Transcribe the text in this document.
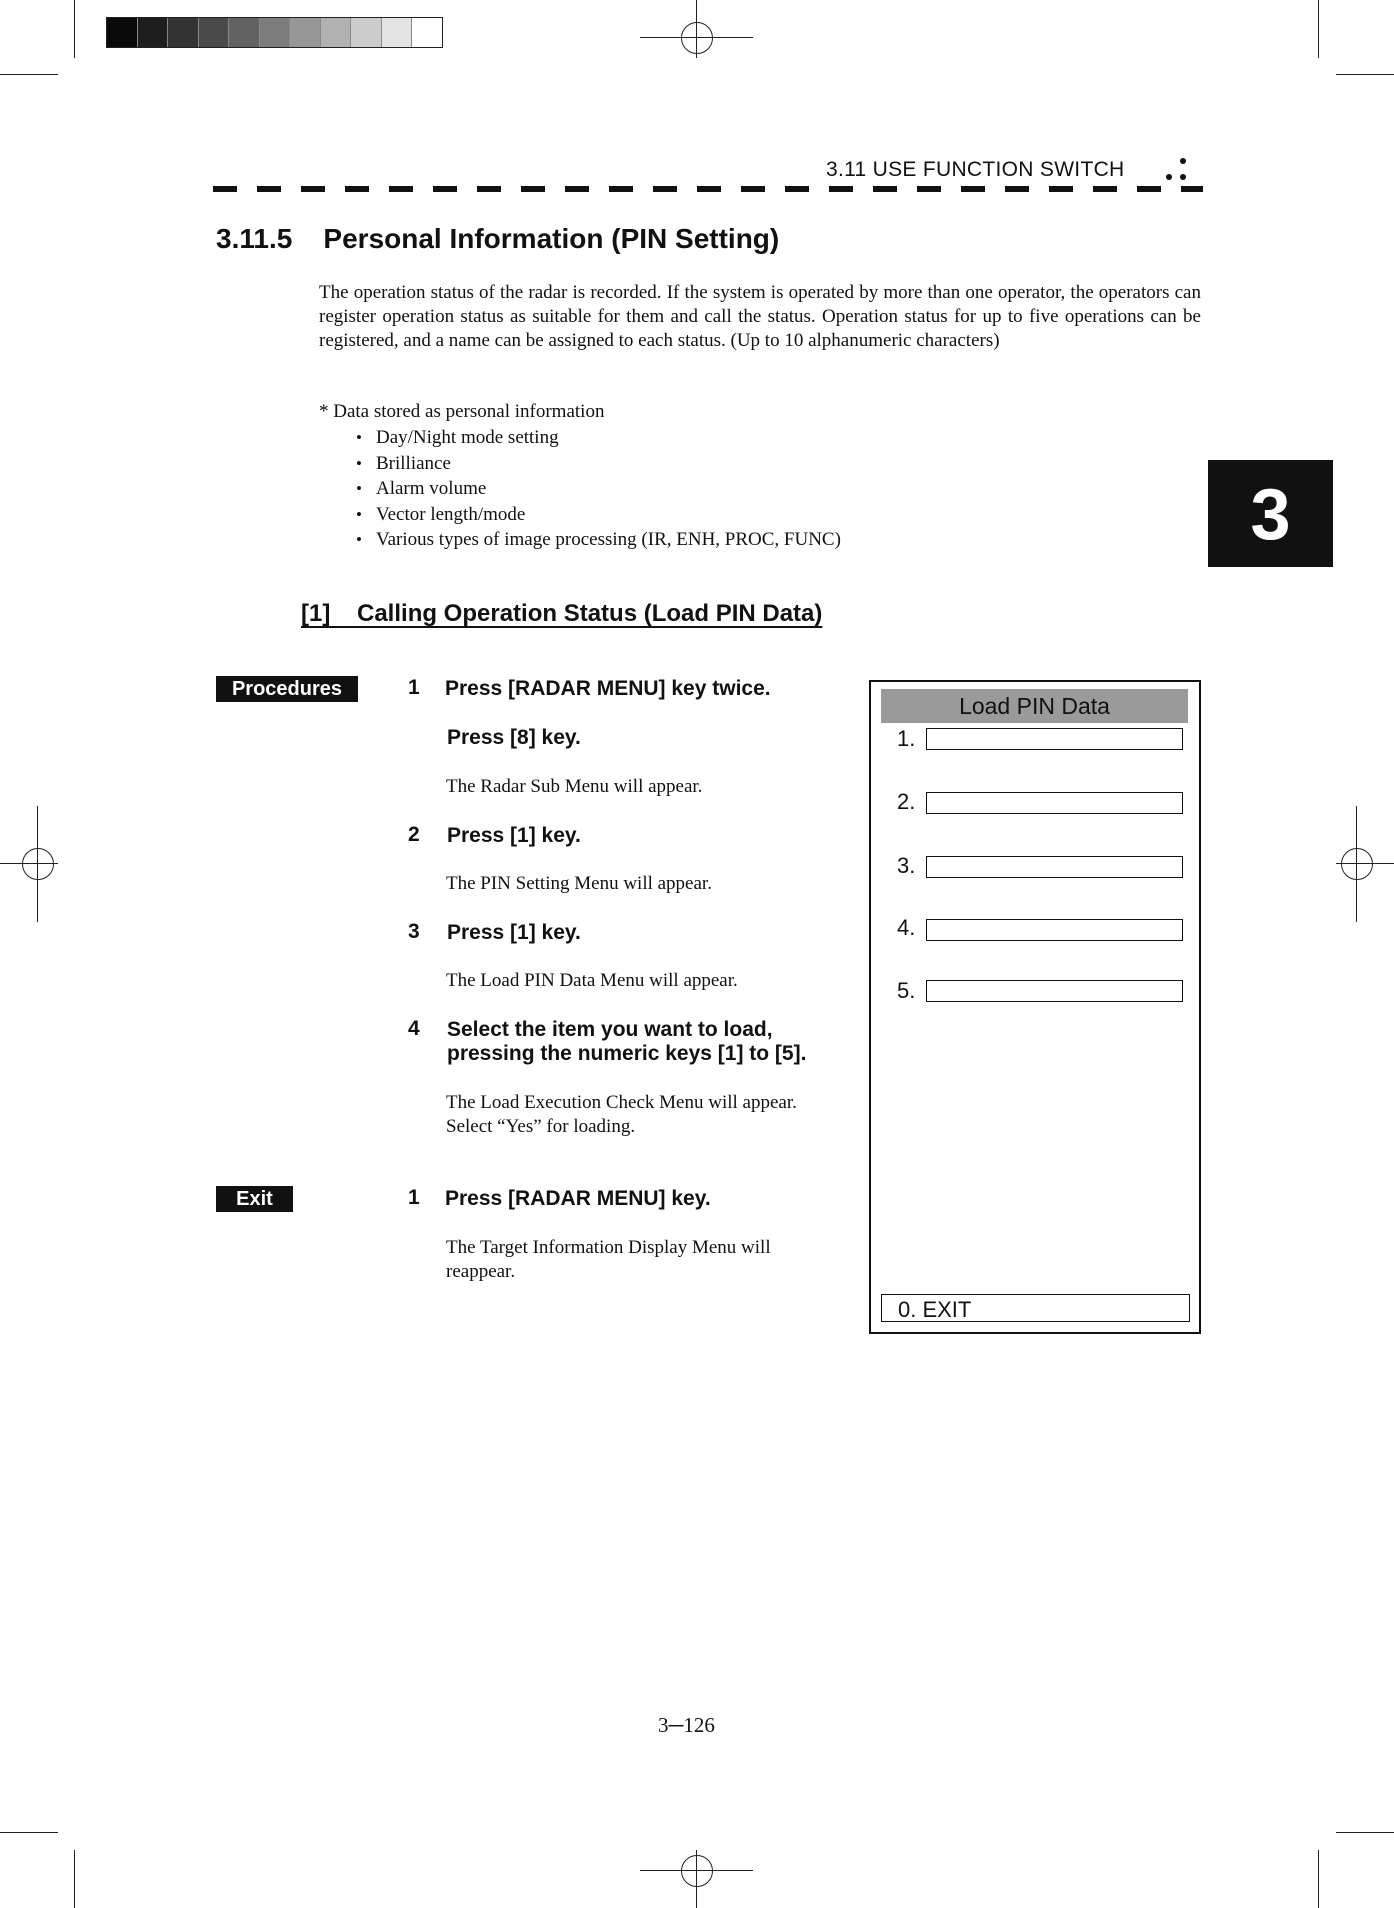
3.11 USE FUNCTION SWITCH
3.11.5    Personal Information (PIN Setting)
The operation status of the radar is recorded. If the system is operated by more than one operator, the operators can register operation status as suitable for them and call the status. Operation status for up to five operations can be registered, and a name can be assigned to each status. (Up to 10 alphanumeric characters)
* Data stored as personal information
• Day/Night mode setting
• Brilliance
• Alarm volume
• Vector length/mode
• Various types of image processing (IR, ENH, PROC, FUNC)	3
[1]    Calling Operation Status (Load PIN Data)
Procedures	1 Press [RADAR MENU] key twice.
Press [8] key.
The Radar Sub Menu will appear.
2 Press [1] key.
The PIN Setting Menu will appear.
3 Press [1] key.
The Load PIN Data Menu will appear.
4 Select the item you want to load,
pressing the numeric keys [1] to [5].
The Load Execution Check Menu will appear.
Select “Yes” for loading.
Exit	1 Press [RADAR MENU] key.
The Target Information Display Menu will
reappear.
Load PIN Data
1.
2.
3.
4.
5.
0. EXIT
3─126
